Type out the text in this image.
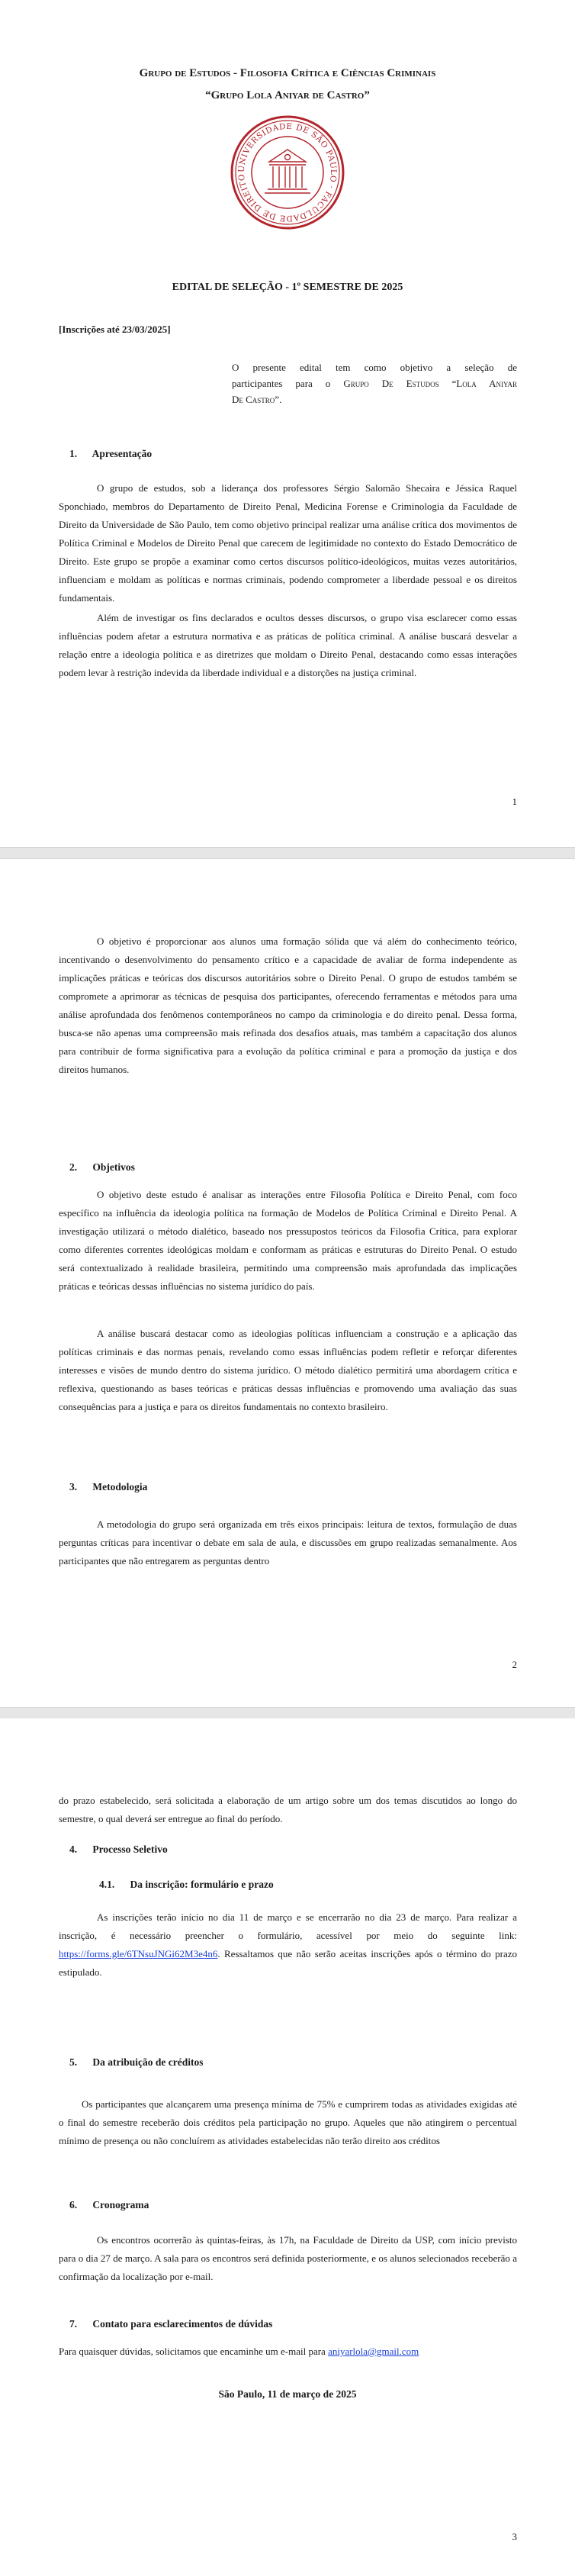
Grupo de Estudos - Filosofia Crítica e Ciências Criminais
“Grupo Lola Aniyar de Castro”
UNIVERSIDADE DE SÃO PAULO · FACULDADE DE DIREITO
EDITAL DE SELEÇÃO - 1º SEMESTRE DE 2025
[Inscrições até 23/03/2025]
O presente edital tem como objetivo a seleção de
participantes para o Grupo De Estudos “Lola Aniyar
De Castro”.
1.      Apresentação
O grupo de estudos, sob a liderança dos professores Sérgio Salomão Shecaira e Jéssica Raquel Sponchiado, membros do Departamento de Direito Penal, Medicina Forense e Criminologia da Faculdade de Direito da Universidade de São Paulo, tem como objetivo principal realizar uma análise crítica dos movimentos de Política Criminal e Modelos de Direito Penal que carecem de legitimidade no contexto do Estado Democrático de Direito. Este grupo se propõe a examinar como certos discursos político-ideológicos, muitas vezes autoritários, influenciam e moldam as políticas e normas criminais, podendo comprometer a liberdade pessoal e os direitos fundamentais.
Além de investigar os fins declarados e ocultos desses discursos, o grupo visa esclarecer como essas influências podem afetar a estrutura normativa e as práticas de política criminal. A análise buscará desvelar a relação entre a ideologia política e as diretrizes que moldam o Direito Penal, destacando como essas interações podem levar à restrição indevida da liberdade individual e a distorções na justiça criminal.
1
O objetivo é proporcionar aos alunos uma formação sólida que vá além do conhecimento teórico, incentivando o desenvolvimento do pensamento crítico e a capacidade de avaliar de forma independente as implicações práticas e teóricas dos discursos autoritários sobre o Direito Penal. O grupo de estudos também se compromete a aprimorar as técnicas de pesquisa dos participantes, oferecendo ferramentas e métodos para uma análise aprofundada dos fenômenos contemporâneos no campo da criminologia e do direito penal. Dessa forma, busca-se não apenas uma compreensão mais refinada dos desafios atuais, mas também a capacitação dos alunos para contribuir de forma significativa para a evolução da política criminal e para a promoção da justiça e dos direitos humanos.
2.      Objetivos
O objetivo deste estudo é analisar as interações entre Filosofia Política e Direito Penal, com foco específico na influência da ideologia política na formação de Modelos de Política Criminal e Direito Penal. A investigação utilizará o método dialético, baseado nos pressupostos teóricos da Filosofia Crítica, para explorar como diferentes correntes ideológicas moldam e conformam as práticas e estruturas do Direito Penal. O estudo será contextualizado à realidade brasileira, permitindo uma compreensão mais aprofundada das implicações práticas e teóricas dessas influências no sistema jurídico do país.
A análise buscará destacar como as ideologias políticas influenciam a construção e a aplicação das políticas criminais e das normas penais, revelando como essas influências podem refletir e reforçar diferentes interesses e visões de mundo dentro do sistema jurídico. O método dialético permitirá uma abordagem crítica e reflexiva, questionando as bases teóricas e práticas dessas influências e promovendo uma avaliação das suas consequências para a justiça e para os direitos fundamentais no contexto brasileiro.
3.      Metodologia
A metodologia do grupo será organizada em três eixos principais: leitura de textos, formulação de duas perguntas críticas para incentivar o debate em sala de aula, e discussões em grupo realizadas semanalmente. Aos participantes que não entregarem as perguntas dentro
2
do prazo estabelecido, será solicitada a elaboração de um artigo sobre um dos temas discutidos ao longo do semestre, o qual deverá ser entregue ao final do período.
4.      Processo Seletivo
4.1.      Da inscrição: formulário e prazo
As inscrições terão início no dia 11 de março e se encerrarão no dia 23 de março. Para realizar a inscrição, é necessário preencher o formulário, acessível por meio do seguinte link: https://forms.gle/6TNsuJNGi62M3e4n6. Ressaltamos que não serão aceitas inscrições após o término do prazo estipulado.
5.      Da atribuição de créditos
Os participantes que alcançarem uma presença mínima de 75% e cumprirem todas as atividades exigidas até o final do semestre receberão dois créditos pela participação no grupo. Aqueles que não atingirem o percentual mínimo de presença ou não concluírem as atividades estabelecidas não terão direito aos créditos
6.      Cronograma
Os encontros ocorrerão às quintas-feiras, às 17h, na Faculdade de Direito da USP, com início previsto para o dia 27 de março. A sala para os encontros será definida posteriormente, e os alunos selecionados receberão a confirmação da localização por e-mail.
7.      Contato para esclarecimentos de dúvidas
Para quaisquer dúvidas, solicitamos que encaminhe um e-mail para aniyarlola@gmail.com
São Paulo, 11 de março de 2025
3
